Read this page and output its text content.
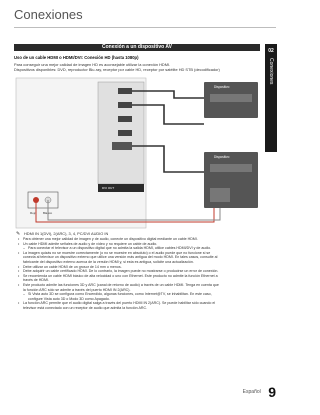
Conexiones
Conexión a un dispositivo AV
02
Conexiones
Uso de un cable HDMI o HDMI/DVI: Conexión HD (hasta 1080p)
Para conseguir una mejor calidad de imagen HD es aconsejable utilizar la conexión HDMI.
Dispositivos disponibles: DVD, reproductor Blu-ray, receptor por cable HD, receptor por satélite HD STB (decodificador)
Rojo Blanco
DVI OUT
Dispositivo
Dispositivo
✎ HDMI IN 1(DVI), 2(ARC), 3, 4, PC/DVI AUDIO IN
• Para obtener una mejor calidad de imagen y de audio, conecte un dispositivo digital mediante un cable HDMI.
• Un cable HDMI admite señales de audio y de vídeo y no requiere un cable de audio.
– Para conectar el televisor a un dispositivo digital que no admita la salida HDMI, utilice cables HDMI/DVI y de audio.
• La imagen quizás no se muestre correctamente (o no se muestre en absoluto) o el audio puede que no funcione si se
conecta al televisor un dispositivo externo que utilice una versión más antigua del modo HDMI. En tales casos, consulte al
fabricante del dispositivo externo acerca de la versión HDMI y, si esta es antigua, solicite una actualización.
• Debe utilizar un cable HDMI de un grosor de 14 mm o menos.
• Debe adquirir un cable certificado HDMI. De lo contrario, la imagen puede no mostrarse o producirse un error de conexión.
• Se recomienda un cable HDMI básico de alta velocidad o uno con Ethernet. Este producto no admite la función Ethernet a
través de HDMI.
• Este producto admite las funciones 3D y ARC (canal de retorno de audio) a través de un cable HDMI. Tenga en cuenta que
la función ARC sólo se admite a través del puerto HDMI IN 2(ARC).
– Si Vista auto 3D se configura como Encendido, algunas funciones, como Internet@TV, se inhabilitan. En este caso,
configure Vista auto 3D o Modo 3D como Apagado.
• La función ARC permite que el audio digital salga a través del puerto HDMI IN 2(ARC). Se puede habilitar sólo cuando el
televisor está conectado con un receptor de audio que admita la función ARC.
Español 9
